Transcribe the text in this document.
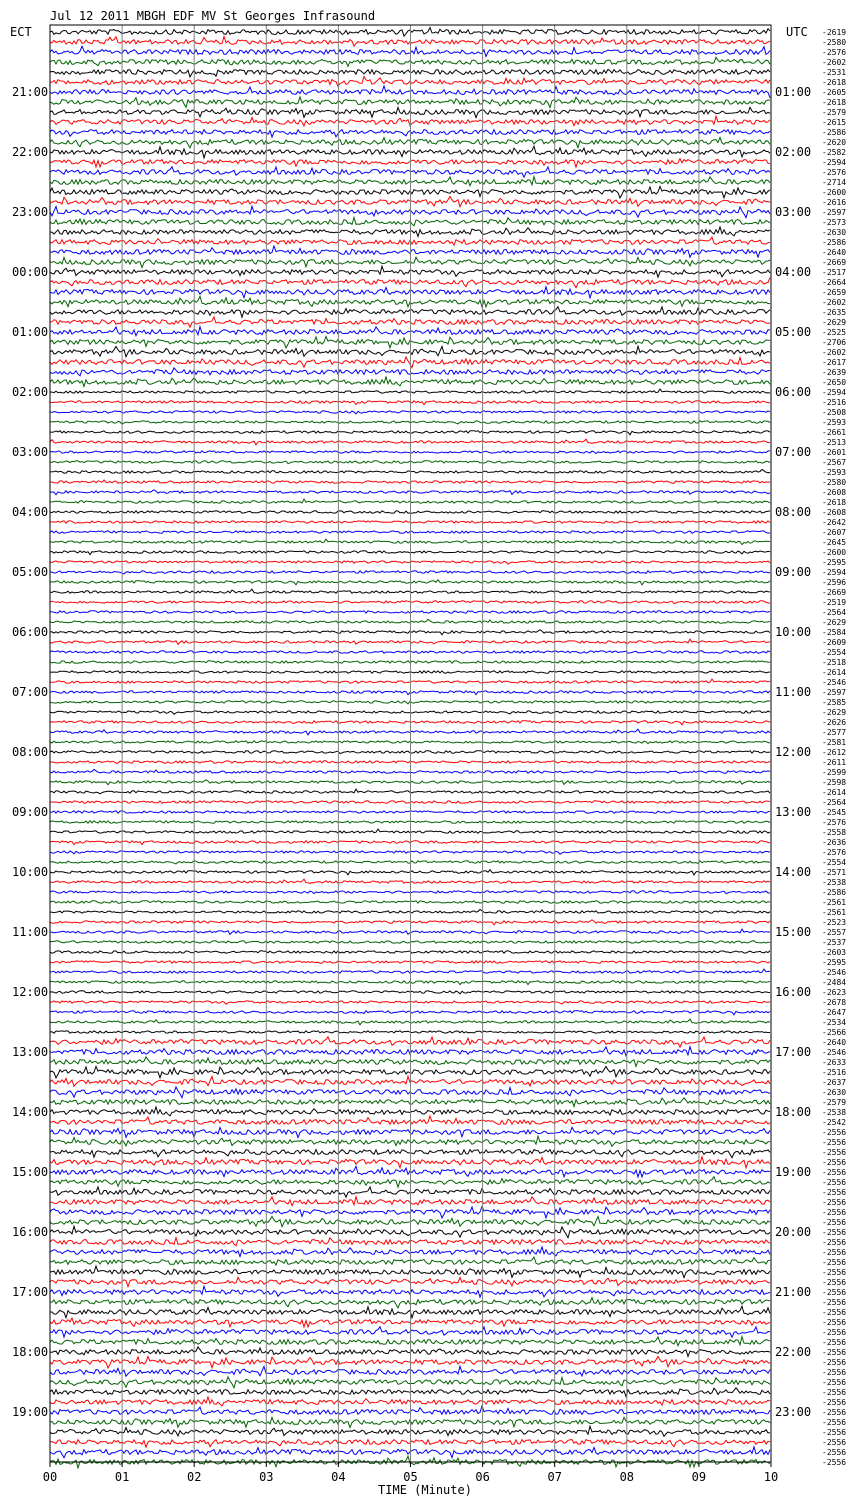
Jul 12 2011 MBGH EDF MV St Georges Infrasound
ECT	UTC
21:00
22:00
23:00
00:00
01:00
02:00
03:00
04:00
05:00
06:00
07:00
08:00
09:00
10:00
11:00
12:00
13:00
14:00
15:00
16:00
17:00
18:00
19:00
01:00
02:00
03:00
04:00
05:00
06:00
07:00
08:00
09:00
10:00
11:00
12:00
13:00
14:00
15:00
16:00
17:00
18:00
19:00
20:00
21:00
22:00
23:00
-2619
-2580
-2576
-2602
-2531
-2618
-2605
-2618
-2579
-2615
-2586
-2620
-2582
-2594
-2576
-2714
-2600
-2616
-2597
-2573
-2630
-2586
-2640
-2669
-2517
-2664
-2659
-2602
-2635
-2629
-2525
-2706
-2602
-2617
-2639
-2650
-2594
-2516
-2508
-2593
-2661
-2513
-2601
-2567
-2593
-2580
-2608
-2618
-2608
-2642
-2607
-2645
-2600
-2595
-2594
-2596
-2669
-2519
-2564
-2629
-2584
-2609
-2554
-2518
-2614
-2546
-2597
-2585
-2629
-2626
-2577
-2581
-2612
-2611
-2599
-2598
-2614
-2564
-2545
-2576
-2558
-2636
-2576
-2554
-2571
-2538
-2586
-2561
-2561
-2523
-2557
-2537
-2603
-2595
-2546
-2484
-2623
-2678
-2647
-2534
-2566
-2640
-2546
-2633
-2516
-2637
-2630
-2579
-2538
-2542
-2556
-2556
-2556
-2556
-2556
-2556
-2556
-2556
-2556
-2556
-2556
-2556
-2556
-2556
-2556
-2556
-2556
-2556
-2556
-2556
-2556
-2556
-2556
-2556
-2556
-2556
-2556
-2556
-2556
-2556
-2556
-2556
-2556
-2556
00	01	02	03	04	05	06	07	08	09	10
TIME (Minute)
